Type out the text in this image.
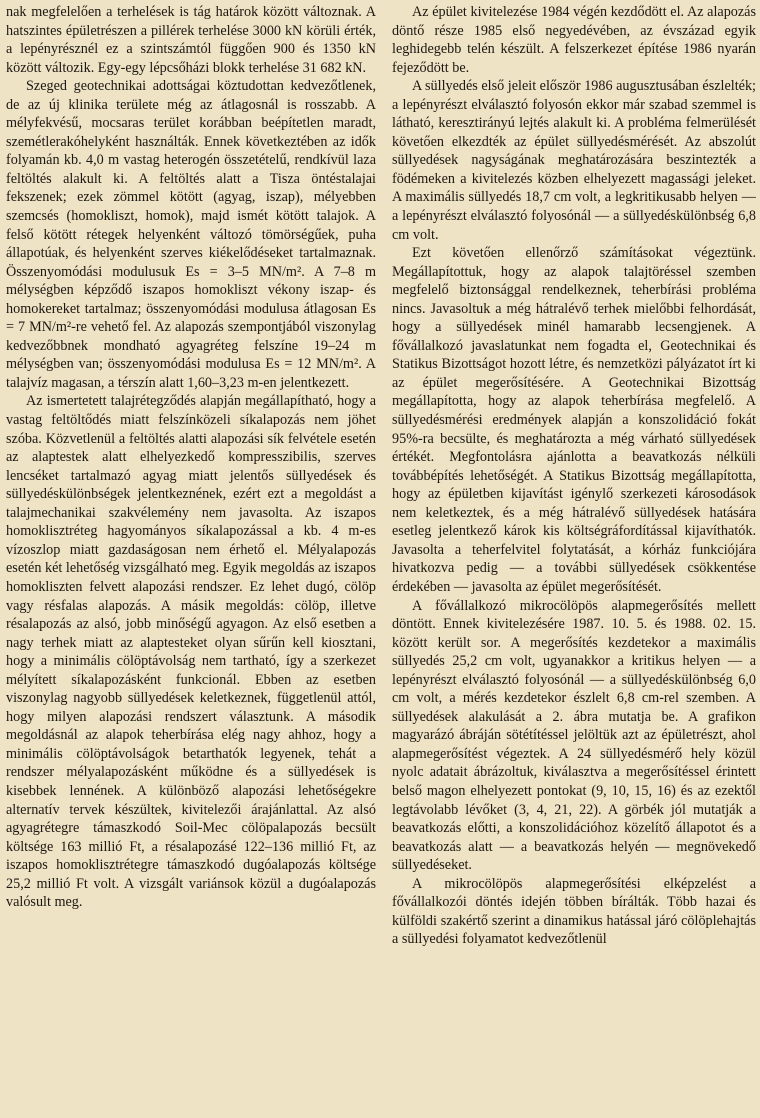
nak megfelelően a terhelések is tág határok között változnak. A hatszintes épületrészen a pillérek terhelése 3000 kN körüli érték, a lepényrésznél ez a szintszámtól függően 900 és 1350 kN között változik. Egy-egy lépcsőházi blokk terhelése 31 682 kN.

Szeged geotechnikai adottságai köztudottan kedvezőtlenek, de az új klinika területe még az átlagosnál is rosszabb. A mélyfekvésű, mocsaras terület korábban beépítetlen maradt, szemétlerakóhelyként használták. Ennek következtében az idők folyamán kb. 4,0 m vastag heterogén összetételű, rendkívül laza feltöltés alakult ki. A feltöltés alatt a Tisza öntéstalajai fekszenek; ezek zömmel kötött (agyag, iszap), mélyebben szemcsés (homokliszt, homok), majd ismét kötött talajok. A felső kötött rétegek helyenként változó tömörségűek, puha állapotúak, és helyenként szerves kiékelődéseket tartalmaznak. Összenyomódási modulusuk Es = 3–5 MN/m². A 7–8 m mélységben képződő iszapos homokliszt vékony iszap- és homokereket tartalmaz; összenyomódási modulusa átlagosan Es = 7 MN/m²-re vehető fel. Az alapozás szempontjából viszonylag kedvezőbbnek mondható agyagréteg felszíne 19–24 m mélységben van; összenyomódási modulusa Es = 12 MN/m². A talajvíz magasan, a térszín alatt 1,60–3,23 m-en jelentkezett.

Az ismertetett talajrétegződés alapján megállapítható, hogy a vastag feltöltődés miatt felszínközeli síkalapozás nem jöhet szóba. Közvetlenül a feltöltés alatti alapozási sík felvétele esetén az alaptestek alatt elhelyezkedő kompresszibilis, szerves lencséket tartalmazó agyag miatt jelentős süllyedések és süllyedéskülönbségek jelentkeznének, ezért ezt a megoldást a talajmechanikai szakvélemény nem javasolta. Az iszapos homoklisztréteg hagyományos síkalapozással a kb. 4 m-es vízoszlop miatt gazdaságosan nem érhető el. Mélyalapozás esetén két lehetőség vizsgálható meg. Egyik megoldás az iszapos homokliszten felvett alapozási rendszer. Ez lehet dugó, cölöp vagy résfalas alapozás. A másik megoldás: cölöp, illetve résalapozás az alsó, jobb minőségű agyagon. Az első esetben a nagy terhek miatt az alaptesteket olyan sűrűn kell kiosztani, hogy a minimális cölöptávolság nem tartható, így a szerkezet mélyített síkalapozásként funkcionál. Ebben az esetben viszonylag nagyobb süllyedések keletkeznek, függetlenül attól, hogy milyen alapozási rendszert választunk. A második megoldásnál az alapok teherbírása elég nagy ahhoz, hogy a minimális cölöptávolságok betarthatók legyenek, tehát a rendszer mélyalapozásként működne és a süllyedések is kisebbek lennének. A különböző alapozási lehetőségekre alternatív tervek készültek, kivitelezői árajánlattal. Az alsó agyagrétegre támaszkodó Soil-Mec cölöpalapozás becsült költsége 163 millió Ft, a résalapozásé 122–136 millió Ft, az iszapos homoklisztrétegre támaszkodó dugóalapozás költsége 25,2 millió Ft volt. A vizsgált variánsok közül a dugóalapozás valósult meg.

Az épület kivitelezése 1984 végén kezdődött el. Az alapozás döntő része 1985 első negyedévében, az évszázad egyik leghidegebb telén készült. A felszerkezet építése 1986 nyarán fejeződött be.

A süllyedés első jeleit először 1986 augusztusában észlelték; a lepényrészt elválasztó folyosón ekkor már szabad szemmel is látható, keresztirányú lejtés alakult ki. A probléma felmerülését követően elkezdték az épület süllyedésmérését. Az abszolút süllyedések nagyságának meghatározására beszintezték a födémeken a kivitelezés közben elhelyezett magassági jeleket. A maximális süllyedés 18,7 cm volt, a legkritikusabb helyen — a lepényrészt elválasztó folyosónál — a süllyedéskülönbség 6,8 cm volt.

Ezt követően ellenőrző számításokat végeztünk. Megállapítottuk, hogy az alapok talajtöréssel szemben megfelelő biztonsággal rendelkeznek, teherbírási probléma nincs. Javasoltuk a még hátralévő terhek mielőbbi felhordását, hogy a süllyedések minél hamarabb lecsengjenek. A fővállalkozó javaslatunkat nem fogadta el, Geotechnikai és Statikus Bizottságot hozott létre, és nemzetközi pályázatot írt ki az épület megerősítésére. A Geotechnikai Bizottság megállapította, hogy az alapok teherbírása megfelelő. A süllyedésmérési eredmények alapján a konszolidáció fokát 95%-ra becsülte, és meghatározta a még várható süllyedések értékét. Megfontolásra ajánlotta a beavatkozás nélküli továbbépítés lehetőségét. A Statikus Bizottság megállapította, hogy az épületben kijavítást igénylő szerkezeti károsodások nem keletkeztek, és a még hátralévő süllyedések hatására esetleg jelentkező károk kis költségráfordítással kijavíthatók. Javasolta a teherfelvitel folytatását, a kórház funkciójára hivatkozva pedig — a további süllyedések csökkentése érdekében — javasolta az épület megerősítését.

A fővállalkozó mikrocölöpös alapmegerősítés mellett döntött. Ennek kivitelezésére 1987. 10. 5. és 1988. 02. 15. között került sor. A megerősítés kezdetekor a maximális süllyedés 25,2 cm volt, ugyanakkor a kritikus helyen — a lepényrészt elválasztó folyosónál — a süllyedéskülönbség 6,0 cm volt, a mérés kezdetekor észlelt 6,8 cm-rel szemben. A süllyedések alakulását a 2. ábra mutatja be. A grafikon magyarázó ábráján sötétítéssel jelöltük azt az épületrészt, ahol alapmegerősítést végeztek. A 24 süllyedésmérő hely közül nyolc adatait ábrázoltuk, kiválasztva a megerősítéssel érintett belső magon elhelyezett pontokat (9, 10, 15, 16) és az ezektől legtávolabb lévőket (3, 4, 21, 22). A görbék jól mutatják a beavatkozás előtti, a konszolidációhoz közelítő állapotot és a beavatkozás alatt — a beavatkozás helyén — megnövekedő süllyedéseket.

A mikrocölöpös alapmegerősítési elképzelést a fővállalkozói döntés idején többen bírálták. Több hazai és külföldi szakértő szerint a dinamikus hatással járó cölöplehajtás a süllyedési folyamatot kedvezőtlenül
